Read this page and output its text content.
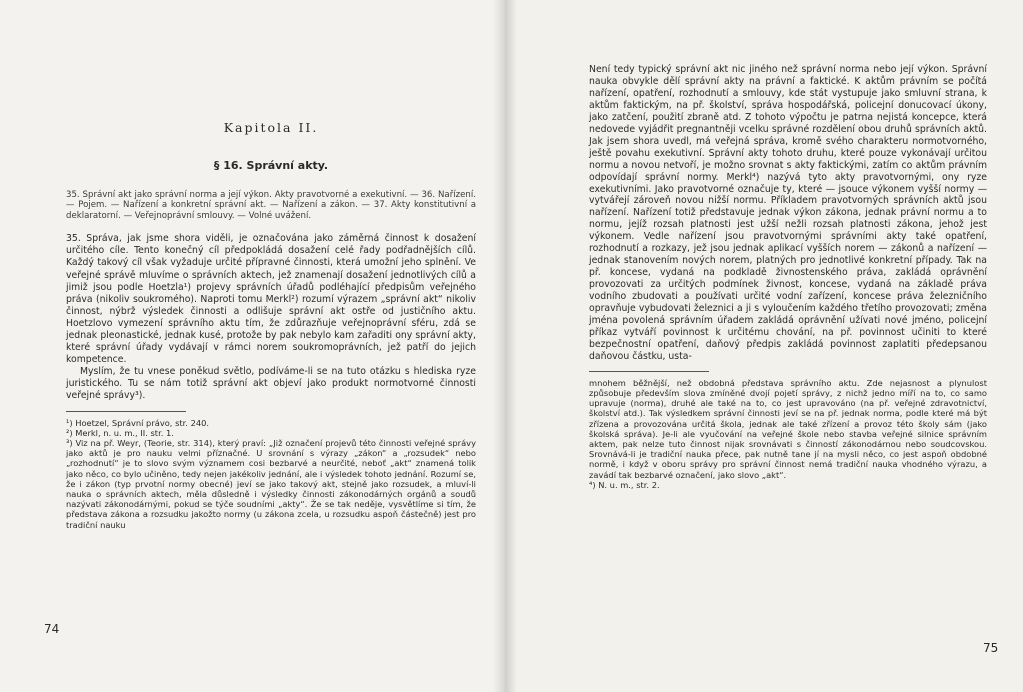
Kapitola II.
§ 16. Správní akty.

35. Správní akt jako správní norma a její výkon. Akty pravotvorné a exekutivní. — 36. Nařízení. — Pojem. — Nařízení a konkretní správní akt. — Nařízení a zákon. — 37. Akty konstitutivní a deklaratorní. — Veřejnoprávní smlouvy. — Volné uvážení.

35. Správa, jak jsme shora viděli, je označována jako záměrná činnost k dosažení určitého cíle. Tento konečný cíl předpokládá dosažení celé řady podřadnějších cílů. Každý takový cíl však vyžaduje určité přípravné činnosti, která umožní jeho splnění. Ve veřejné správě mluvíme o správních aktech, jež znamenají dosažení jednotlivých cílů a jimiž jsou podle Hoetzla¹) projevy správních úřadů podléhající předpisům veřejného práva (nikoliv soukromého). Naproti tomu Merkl²) rozumí výrazem „správní akt“ nikoliv činnost, nýbrž výsledek činnosti a odlišuje správní akt ostře od justičního aktu. Hoetzlovo vymezení správního aktu tím, že zdůrazňuje veřejnoprávní sféru, zdá se jednak pleonastické, jednak kusé, protože by pak nebylo kam zařaditi ony správní akty, které správní úřady vydávají v rámci norem soukromoprávních, jež patří do jejich kompetence.

Myslím, že tu vnese poněkud světlo, podíváme-li se na tuto otázku s hlediska ryze juristického. Tu se nám totiž správní akt objeví jako produkt normotvorné činnosti veřejné správy³).

¹) Hoetzel, Správní právo, str. 240.

²) Merkl, n. u. m., II. str. 1.

³) Viz na př. Weyr, (Teorie, str. 314), který praví: „Již označení projevů této činnosti veřejné správy jako aktů je pro nauku velmi příznačné. U srovnání s výrazy „zákon“ a „rozsudek“ nebo „rozhodnutí“ je to slovo svým významem cosi bezbarvé a neurčité, neboť „akt“ znamená tolik jako něco, co bylo učiněno, tedy nejen jakékoliv jednání, ale i výsledek tohoto jednání. Rozumí se, že i zákon (typ prvotní normy obecné) jeví se jako takový akt, stejně jako rozsudek, a mluví-li nauka o správních aktech, měla důsledně i výsledky činnosti zákonodárných orgánů a soudů nazývati zákonodárnými, pokud se týče soudními „akty“. Že se tak neděje, vysvětlíme si tím, že představa zákona a rozsudku jakožto normy (u zákona zcela, u rozsudku aspoň částečně) jest pro tradiční nauku

74

Není tedy typický správní akt nic jiného než správní norma nebo její výkon. Správní nauka obvykle dělí správní akty na právní a faktické. K aktům právním se počítá nařízení, opatření, rozhodnutí a smlouvy, kde stát vystupuje jako smluvní strana, k aktům faktickým, na př. školství, správa hospodářská, policejní donucovací úkony, jako zatčení, použití zbraně atd. Z tohoto výpočtu je patrna nejistá koncepce, která nedovede vyjádřit pregnantněji vcelku správné rozdělení obou druhů správních aktů. Jak jsem shora uvedl, má veřejná správa, kromě svého charakteru normotvorného, ještě povahu exekutivní. Správní akty tohoto druhu, které pouze vykonávají určitou normu a novou netvoří, je možno srovnat s akty faktickými, zatím co aktům právním odpovídají správní normy. Merkl⁴) nazývá tyto akty pravotvornými, ony ryze exekutivními. Jako pravotvorné označuje ty, které — jsouce výkonem vyšší normy — vytvářejí zároveň novou nižší normu. Příkladem pravotvorných správních aktů jsou nařízení. Nařízení totiž představuje jednak výkon zákona, jednak právní normu a to normu, jejíž rozsah platnosti jest užší nežli rozsah platnosti zákona, jehož jest výkonem. Vedle nařízení jsou pravotvornými správními akty také opatření, rozhodnutí a rozkazy, jež jsou jednak aplikací vyšších norem — zákonů a nařízení — jednak stanovením nových norem, platných pro jednotlivé konkretní případy. Tak na př. koncese, vydaná na podkladě živnostenského práva, zakládá oprávnění provozovati za určitých podmínek živnost, koncese, vydaná na základě práva vodního zbudovati a používati určité vodní zařízení, koncese práva železničního opravňuje vybudovati železnici a ji s vyloučením každého třetího provozovati; změna jména povolená správním úřadem zakládá oprávnění užívati nové jméno, policejní příkaz vytváří povinnost k určitému chování, na př. povinnost učiniti to které bezpečnostní opatření, daňový předpis zakládá povinnost zaplatiti předepsanou daňovou částku, usta-

mnohem běžnější, než obdobná představa správního aktu. Zde nejasnost a plynulost způsobuje především slova zmíněné dvojí pojetí správy, z nichž jedno míří na to, co samo upravuje (norma), druhé ale také na to, co jest upravováno (na př. veřejné zdravotnictví, školství atd.). Tak výsledkem správní činnosti jeví se na př. jednak norma, podle které má být zřízena a provozována určitá škola, jednak ale také zřízení a provoz této školy sám (jako školská správa). Je-li ale vyučování na veřejné škole nebo stavba veřejné silnice správním aktem, pak nelze tuto činnost nijak srovnávati s činností zákonodárnou nebo soudcovskou. Srovnává-li je tradiční nauka přece, pak nutně tane jí na mysli něco, co jest aspoň obdobné normě, i když v oboru správy pro správní činnost nemá tradiční nauka vhodného výrazu, a zavádí tak bezbarvé označení, jako slovo „akt“.

⁴) N. u. m., str. 2.

75
